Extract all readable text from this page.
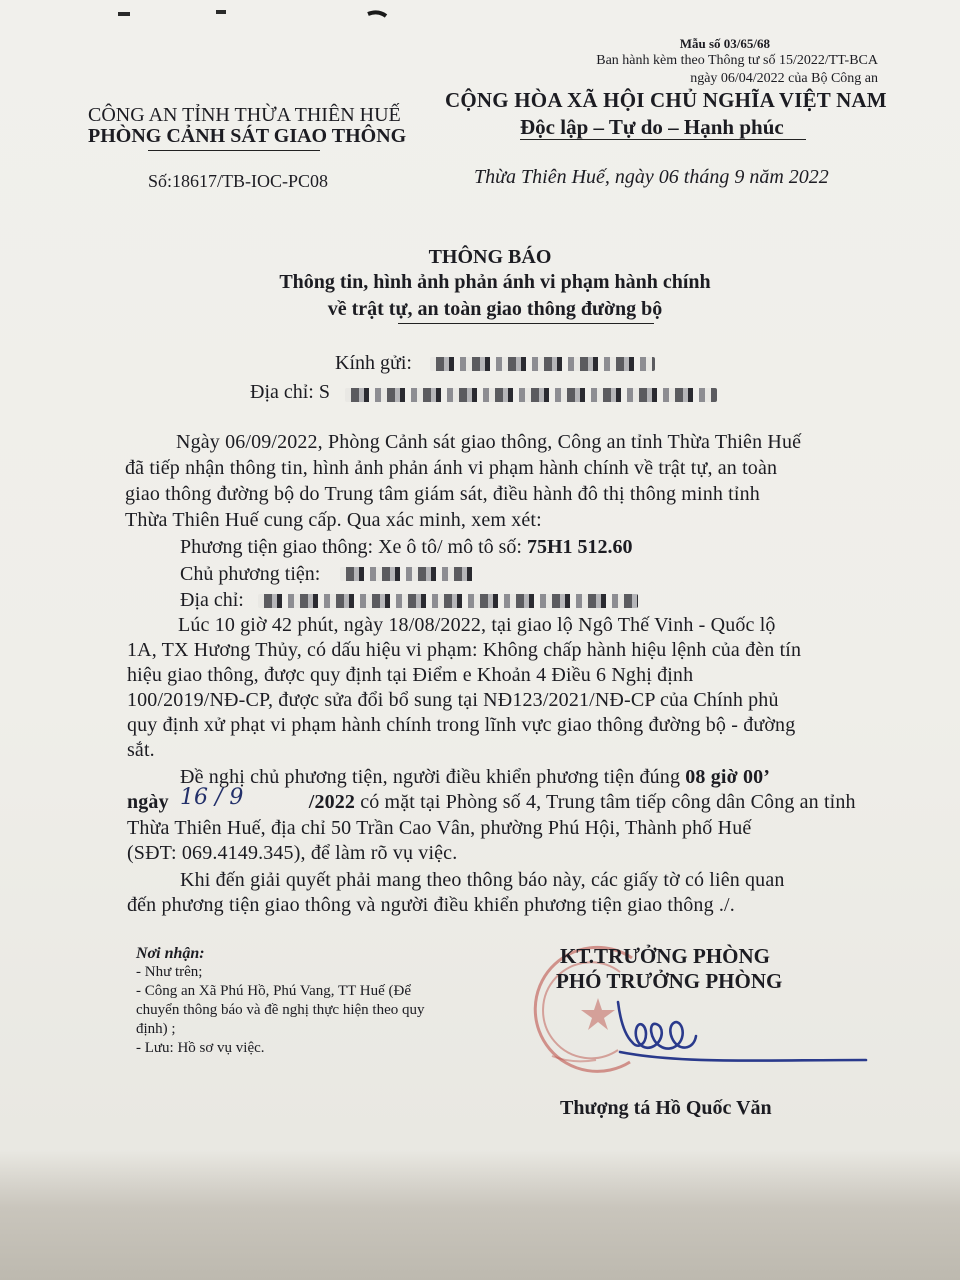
Mẫu số 03/65/68
Ban hành kèm theo Thông tư số 15/2022/TT-BCA
ngày 06/04/2022 của Bộ Công an
CÔNG AN TỈNH THỪA THIÊN HUẾ
PHÒNG CẢNH SÁT GIAO THÔNG
CỘNG HÒA XÃ HỘI CHỦ NGHĨA VIỆT NAM
Độc lập – Tự do – Hạnh phúc
Số:18617/TB-IOC-PC08	Thừa Thiên Huế, ngày 06 tháng 9 năm 2022
THÔNG BÁO
Thông tin, hình ảnh phản ánh vi phạm hành chính
về trật tự, an toàn giao thông đường bộ
Kính gửi:
Địa chỉ: S
Ngày 06/09/2022, Phòng Cảnh sát giao thông, Công an tỉnh Thừa Thiên Huế
đã tiếp nhận thông tin, hình ảnh phản ánh vi phạm hành chính về trật tự, an toàn
giao thông đường bộ do Trung tâm giám sát, điều hành đô thị thông minh tỉnh
Thừa Thiên Huế cung cấp. Qua xác minh, xem xét:
Phương tiện giao thông: Xe ô tô/ mô tô số: 75H1 512.60
Chủ phương tiện:
Địa chỉ:
Lúc 10 giờ 42 phút, ngày 18/08/2022, tại giao lộ Ngô Thế Vinh - Quốc lộ
1A, TX Hương Thủy, có dấu hiệu vi phạm: Không chấp hành hiệu lệnh của đèn tín
hiệu giao thông, được quy định tại Điểm e Khoản 4 Điều 6 Nghị định
100/2019/NĐ-CP, được sửa đổi bổ sung tại NĐ123/2021/NĐ-CP của Chính phủ
quy định xử phạt vi phạm hành chính trong lĩnh vực giao thông đường bộ - đường
sắt.
Đề nghị chủ phương tiện, người điều khiển phương tiện đúng 08 giờ 00’
ngày	/2022 có mặt tại Phòng số 4, Trung tâm tiếp công dân Công an tỉnh
16 / 9
Thừa Thiên Huế, địa chỉ 50 Trần Cao Vân, phường Phú Hội, Thành phố Huế
(SĐT: 069.4149.345), để làm rõ vụ việc.
Khi đến giải quyết phải mang theo thông báo này, các giấy tờ có liên quan
đến phương tiện giao thông và người điều khiển phương tiện giao thông ./.
Nơi nhận:
- Như trên;
- Công an Xã Phú Hồ, Phú Vang, TT Huế (Để
chuyển thông báo và đề nghị thực hiện theo quy
định) ;
- Lưu: Hồ sơ vụ việc.
KT.TRƯỞNG PHÒNG
PHÓ TRƯỞNG PHÒNG
Thượng tá Hồ Quốc Văn
